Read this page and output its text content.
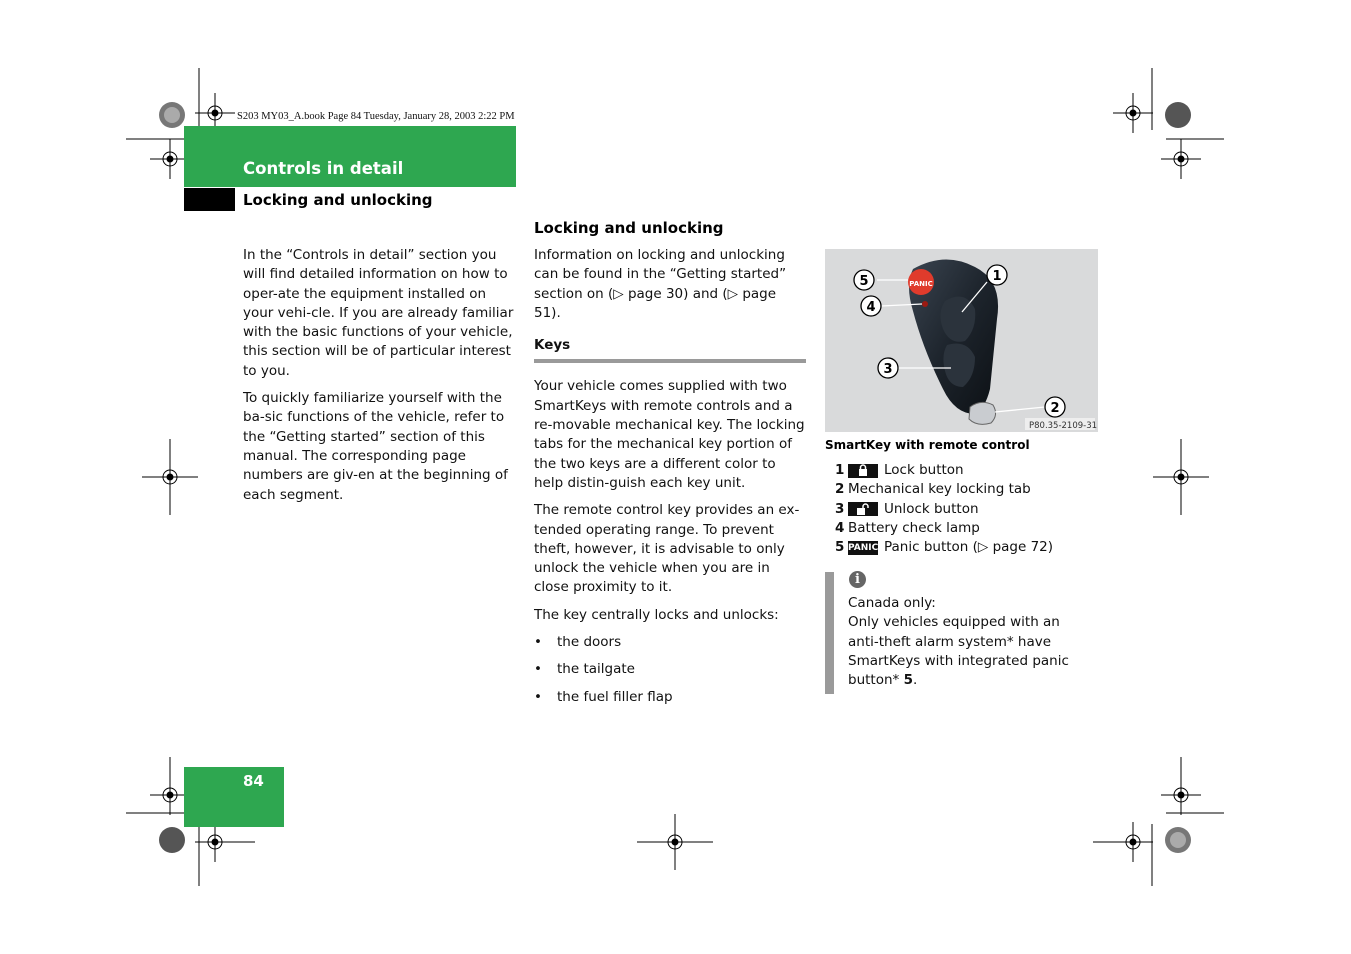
S203 MY03_A.book Page 84 Tuesday, January 28, 2003 2:22 PM
Controls in detail
Locking and unlocking

In the “Controls in detail” section you will find detailed information on how to oper-ate the equipment installed on your vehi-cle. If you are already familiar with the basic functions of your vehicle, this section will be of particular interest to you.

To quickly familiarize yourself with the ba-sic functions of the vehicle, refer to the “Getting started” section of this manual. The corresponding page numbers are giv-en at the beginning of each segment.

Locking and unlocking

Information on locking and unlocking can be found in the “Getting started” section on (▷ page 30) and (▷ page 51).

Keys

Your vehicle comes supplied with two SmartKeys with remote controls and a re-movable mechanical key. The locking tabs for the mechanical key portion of the two keys are a different color to help distin-guish each key unit.

The remote control key provides an ex-tended operating range. To prevent theft, however, it is advisable to only unlock the vehicle when you are in close proximity to it.

The key centrally locks and unlocks:

• the doors
• the tailgate
• the fuel filler flap
PANIC
5
4
3
1
2
P80.35-2109-31
SmartKey with remote control
1	Lock button
2 Mechanical key locking tab
3	Unlock button
4 Battery check lamp
5 PANIC Panic button (▷ page 72)
i
Canada only:
Only vehicles equipped with an anti-theft alarm system* have SmartKeys with integrated panic button* 5.
84
